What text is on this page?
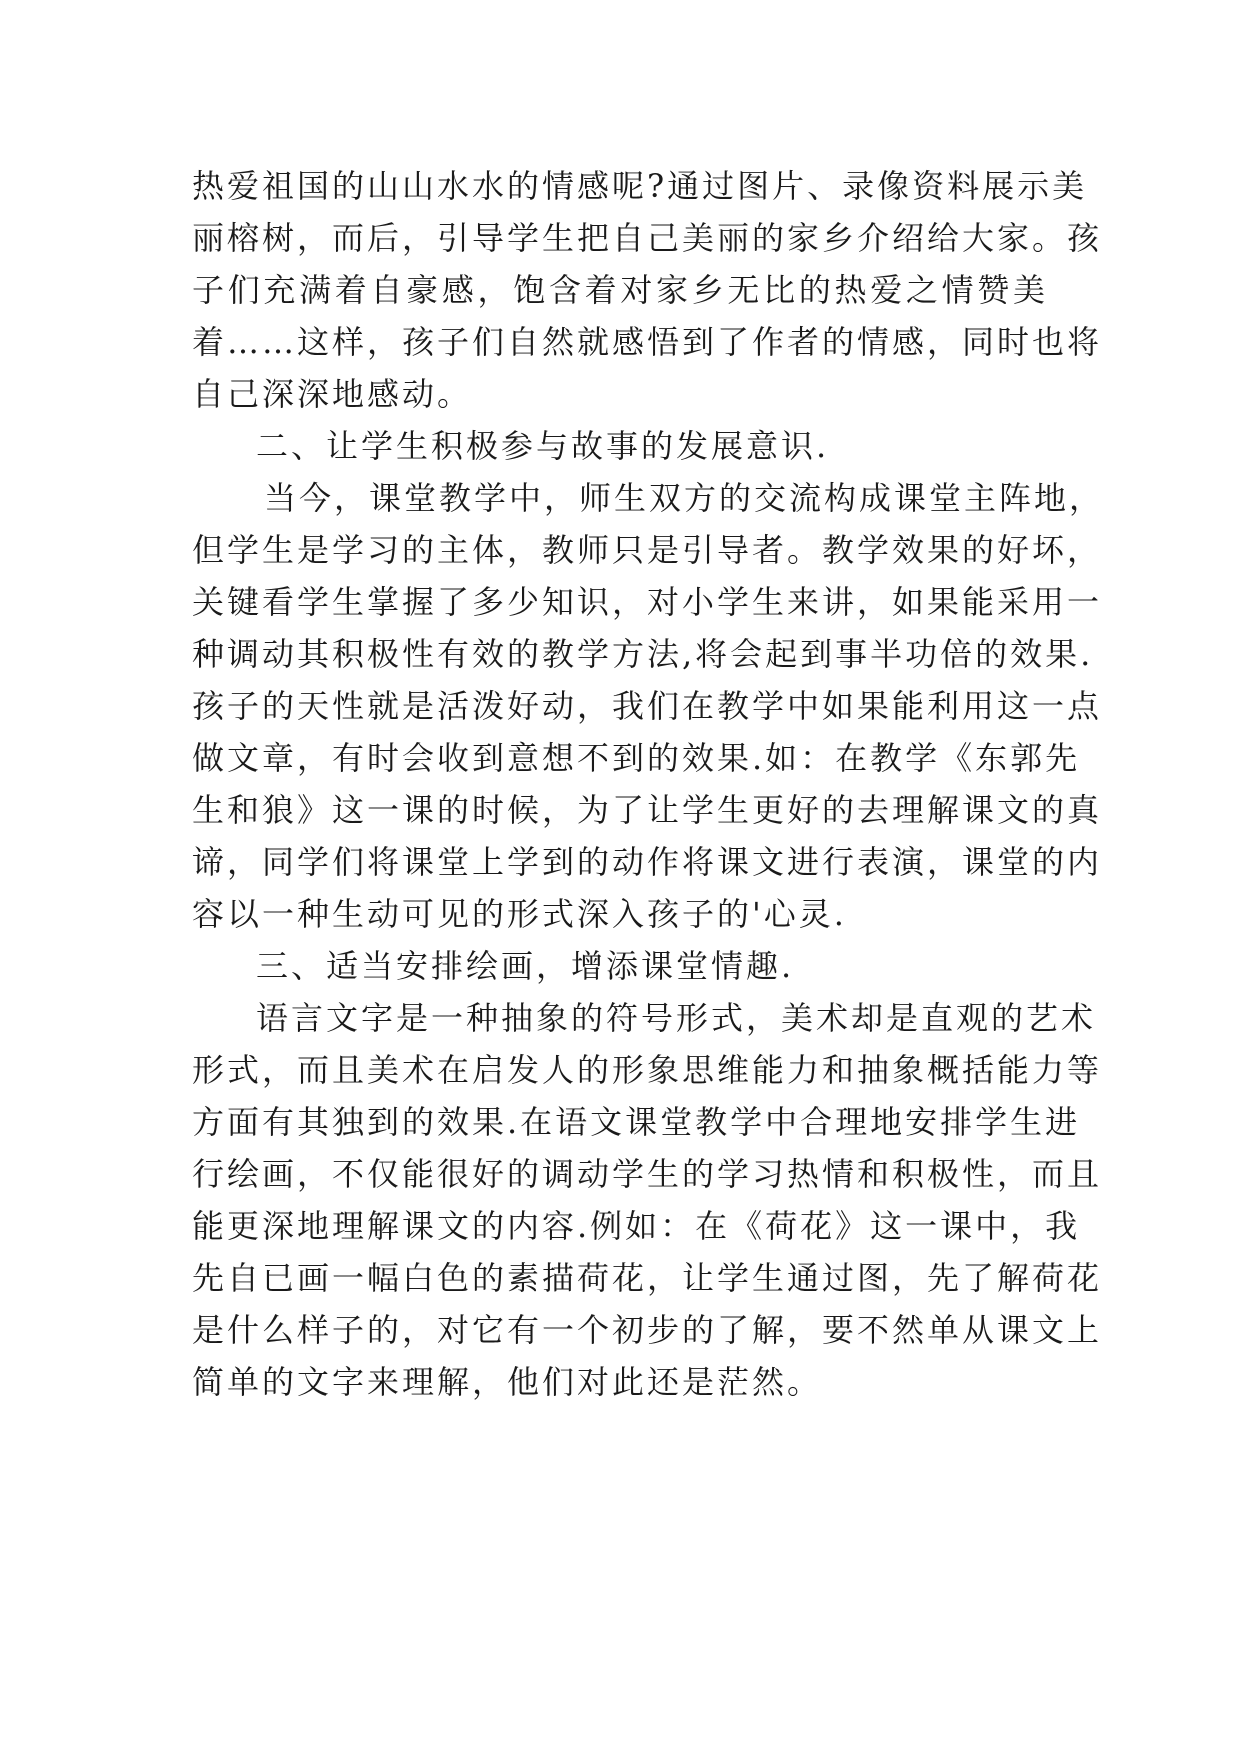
热爱祖国的山山水水的情感呢?通过图片、录像资料展示美
丽榕树，而后，引导学生把自己美丽的家乡介绍给大家。孩
子们充满着自豪感，饱含着对家乡无比的热爱之情赞美
着……这样，孩子们自然就感悟到了作者的情感，同时也将
自己深深地感动。
二、让学生积极参与故事的发展意识.
当今，课堂教学中，师生双方的交流构成课堂主阵地，
但学生是学习的主体，教师只是引导者。教学效果的好坏，
关键看学生掌握了多少知识，对小学生来讲，如果能采用一
种调动其积极性有效的教学方法,将会起到事半功倍的效果.
孩子的天性就是活泼好动，我们在教学中如果能利用这一点
做文章，有时会收到意想不到的效果.如：在教学《东郭先
生和狼》这一课的时候，为了让学生更好的去理解课文的真
谛，同学们将课堂上学到的动作将课文进行表演，课堂的内
容以一种生动可见的形式深入孩子的'心灵.
三、适当安排绘画，增添课堂情趣.
语言文字是一种抽象的符号形式，美术却是直观的艺术
形式，而且美术在启发人的形象思维能力和抽象概括能力等
方面有其独到的效果.在语文课堂教学中合理地安排学生进
行绘画，不仅能很好的调动学生的学习热情和积极性，而且
能更深地理解课文的内容.例如：在《荷花》这一课中，我
先自已画一幅白色的素描荷花，让学生通过图，先了解荷花
是什么样子的，对它有一个初步的了解，要不然单从课文上
简单的文字来理解，他们对此还是茫然。
